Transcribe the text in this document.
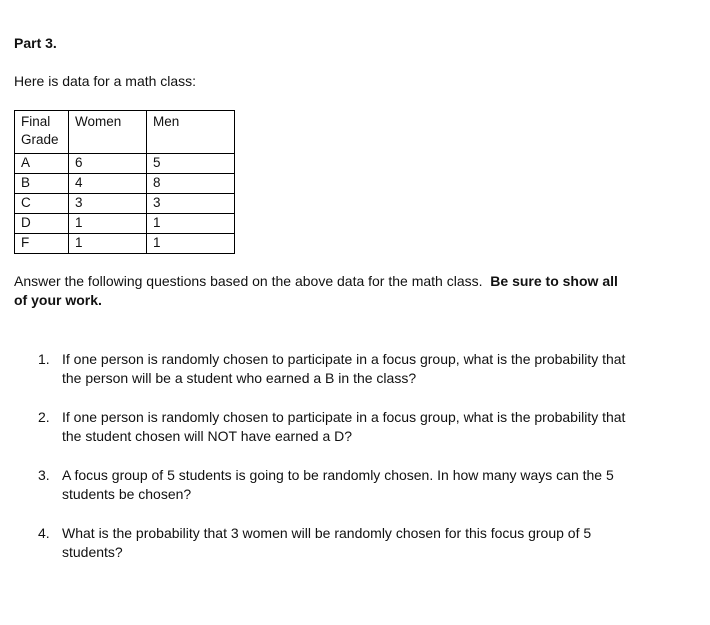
Part 3.

Here is data for a math class:

Final Grade	Women	Men
A	6	5
B	4	8
C	3	3
D	1	1
F	1	1

Answer the following questions based on the above data for the math class. Be sure to show all of your work.

1. If one person is randomly chosen to participate in a focus group, what is the probability that the person will be a student who earned a B in the class?
2. If one person is randomly chosen to participate in a focus group, what is the probability that the student chosen will NOT have earned a D?
3. A focus group of 5 students is going to be randomly chosen. In how many ways can the 5 students be chosen?
4. What is the probability that 3 women will be randomly chosen for this focus group of 5 students?
